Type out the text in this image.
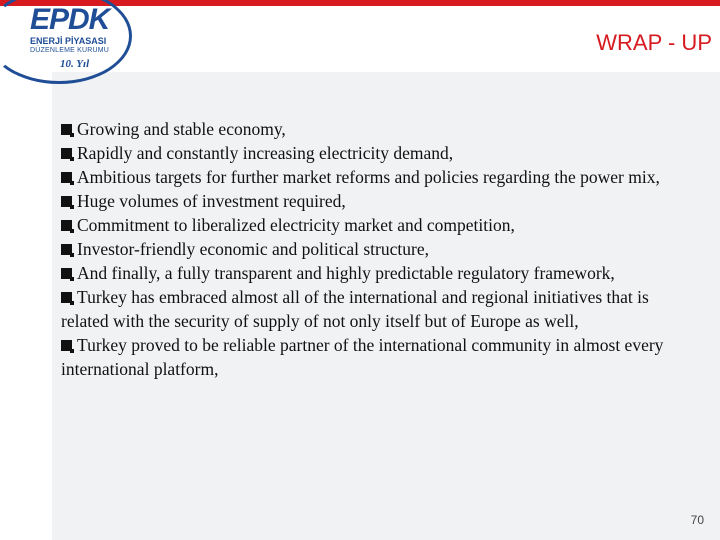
EPDK
ENERJİ PİYASASI
DÜZENLEME KURUMU
10. Yıl
WRAP - UP

Growing and stable economy,

Rapidly and constantly increasing electricity demand,

Ambitious targets for further market reforms and policies regarding the power mix,

Huge volumes of investment required,

Commitment to liberalized electricity market and competition,

Investor-friendly economic and political structure,

And finally, a fully transparent and highly predictable regulatory framework,

Turkey has embraced almost all of the international and regional initiatives that is related with the security of supply of not only itself but of Europe as well,

Turkey proved to be reliable partner of the international community in almost every international platform,

70
